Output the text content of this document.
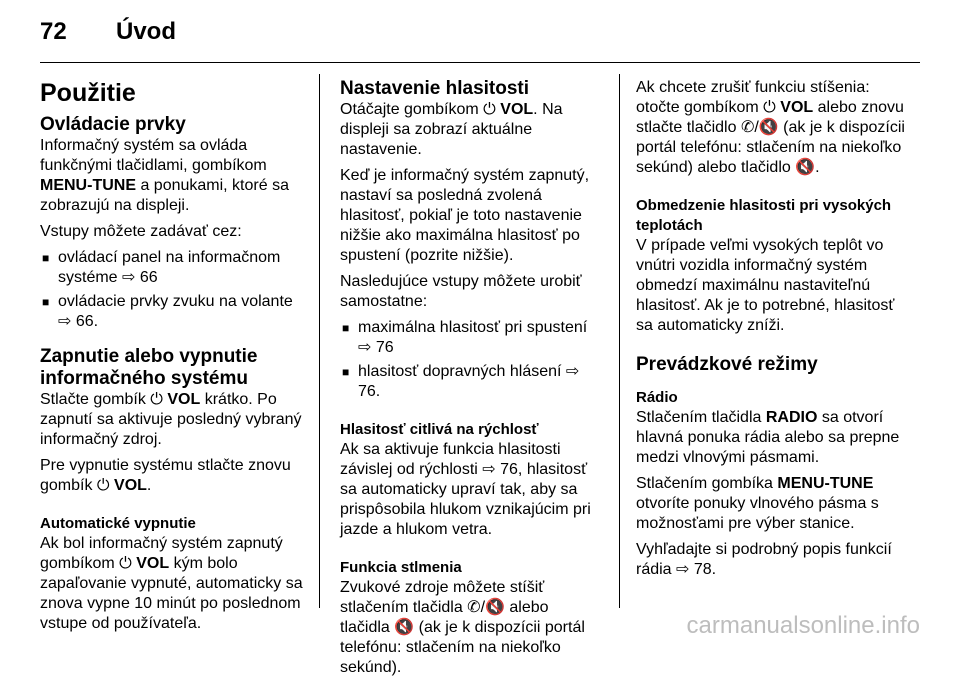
72 Úvod
Použitie
Ovládacie prvky

Informačný systém sa ovláda funkčnými tlačidlami, gombíkom MENU-TUNE a ponukami, ktoré sa zobrazujú na displeji.

Vstupy môžete zadávať cez:

■ ovládací panel na informačnom systéme ⇨ 66
■ ovládacie prvky zvuku na volante ⇨ 66.
Zapnutie alebo vypnutie informačného systému

Stlačte gombík ⏻ VOL krátko. Po zapnutí sa aktivuje posledný vybraný informačný zdroj.

Pre vypnutie systému stlačte znovu gombík ⏻ VOL.

Automatické vypnutie

Ak bol informačný systém zapnutý gombíkom ⏻ VOL kým bolo zapaľovanie vypnuté, automaticky sa znova vypne 10 minút po poslednom vstupe od používateľa.

Nastavenie hlasitosti

Otáčajte gombíkom ⏻ VOL. Na displeji sa zobrazí aktuálne nastavenie.

Keď je informačný systém zapnutý, nastaví sa posledná zvolená hlasitosť, pokiaľ je toto nastavenie nižšie ako maximálna hlasitosť po spustení (pozrite nižšie).

Nasledujúce vstupy môžete urobiť samostatne:

■ maximálna hlasitosť pri spustení ⇨ 76
■ hlasitosť dopravných hlásení ⇨ 76.
Hlasitosť citlivá na rýchlosť

Ak sa aktivuje funkcia hlasitosti závislej od rýchlosti ⇨ 76, hlasitosť sa automaticky upraví tak, aby sa prispôsobila hlukom vznikajúcim pri jazde a hlukom vetra.

Funkcia stlmenia

Zvukové zdroje môžete stíšiť stlačením tlačidla ✆/🔇 alebo tlačidla 🔇 (ak je k dispozícii portál telefónu: stlačením na niekoľko sekúnd).

Ak chcete zrušiť funkciu stíšenia: otočte gombíkom ⏻ VOL alebo znovu stlačte tlačidlo ✆/🔇 (ak je k dispozícii portál telefónu: stlačením na niekoľko sekúnd) alebo tlačidlo 🔇.

Obmedzenie hlasitosti pri vysokých teplotách

V prípade veľmi vysokých teplôt vo vnútri vozidla informačný systém obmedzí maximálnu nastaviteľnú hlasitosť. Ak je to potrebné, hlasitosť sa automaticky zníži.

Prevádzkové režimy
Rádio

Stlačením tlačidla RADIO sa otvorí hlavná ponuka rádia alebo sa prepne medzi vlnovými pásmami.

Stlačením gombíka MENU-TUNE otvoríte ponuky vlnového pásma s možnosťami pre výber stanice.

Vyhľadajte si podrobný popis funkcií rádia ⇨ 78.

carmanualsonline.info
